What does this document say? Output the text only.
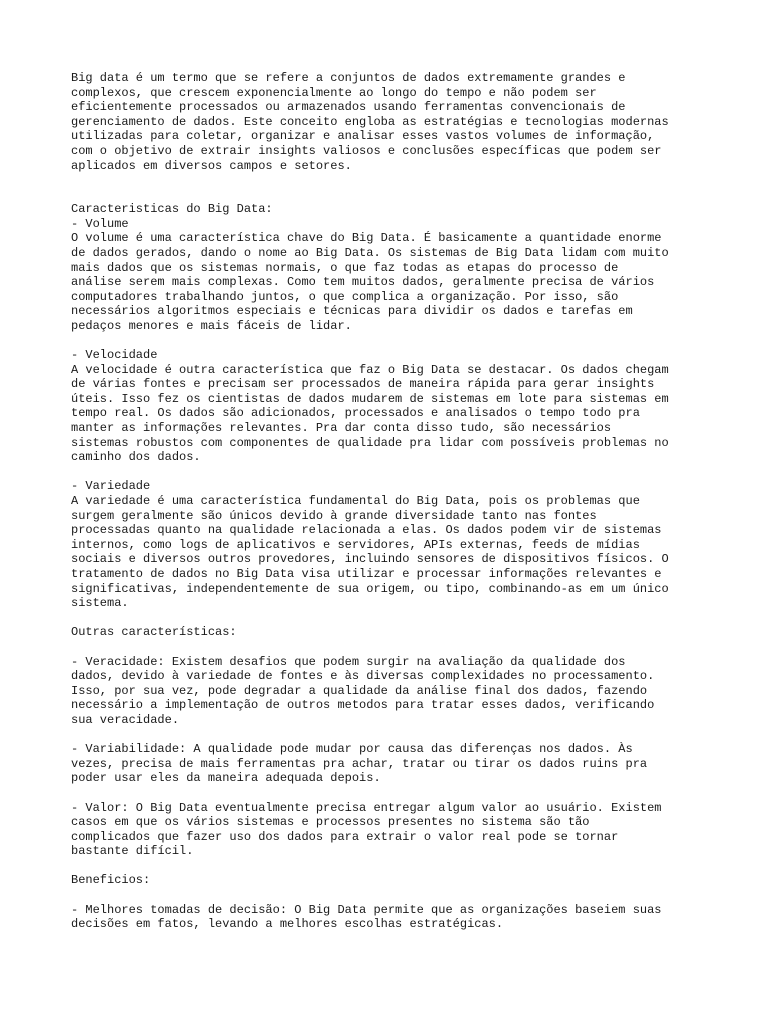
Big data é um termo que se refere a conjuntos de dados extremamente grandes e
complexos, que crescem exponencialmente ao longo do tempo e não podem ser
eficientemente processados ou armazenados usando ferramentas convencionais de
gerenciamento de dados. Este conceito engloba as estratégias e tecnologias modernas
utilizadas para coletar, organizar e analisar esses vastos volumes de informação,
com o objetivo de extrair insights valiosos e conclusões específicas que podem ser
aplicados em diversos campos e setores.

Caracteristicas do Big Data:

- Volume

O volume é uma característica chave do Big Data. É basicamente a quantidade enorme
de dados gerados, dando o nome ao Big Data. Os sistemas de Big Data lidam com muito
mais dados que os sistemas normais, o que faz todas as etapas do processo de
análise serem mais complexas. Como tem muitos dados, geralmente precisa de vários
computadores trabalhando juntos, o que complica a organização. Por isso, são
necessários algoritmos especiais e técnicas para dividir os dados e tarefas em
pedaços menores e mais fáceis de lidar.

- Velocidade

A velocidade é outra característica que faz o Big Data se destacar. Os dados chegam
de várias fontes e precisam ser processados de maneira rápida para gerar insights
úteis. Isso fez os cientistas de dados mudarem de sistemas em lote para sistemas em
tempo real. Os dados são adicionados, processados e analisados o tempo todo pra
manter as informações relevantes. Pra dar conta disso tudo, são necessários
sistemas robustos com componentes de qualidade pra lidar com possíveis problemas no
caminho dos dados.

- Variedade

A variedade é uma característica fundamental do Big Data, pois os problemas que
surgem geralmente são únicos devido à grande diversidade tanto nas fontes
processadas quanto na qualidade relacionada a elas. Os dados podem vir de sistemas
internos, como logs de aplicativos e servidores, APIs externas, feeds de mídias
sociais e diversos outros provedores, incluindo sensores de dispositivos físicos. O
tratamento de dados no Big Data visa utilizar e processar informações relevantes e
significativas, independentemente de sua origem, ou tipo, combinando-as em um único
sistema.

Outras características:

- Veracidade: Existem desafios que podem surgir na avaliação da qualidade dos
dados, devido à variedade de fontes e às diversas complexidades no processamento.
Isso, por sua vez, pode degradar a qualidade da análise final dos dados, fazendo
necessário a implementação de outros metodos para tratar esses dados, verificando
sua veracidade.

- Variabilidade: A qualidade pode mudar por causa das diferenças nos dados. Às
vezes, precisa de mais ferramentas pra achar, tratar ou tirar os dados ruins pra
poder usar eles da maneira adequada depois.

- Valor: O Big Data eventualmente precisa entregar algum valor ao usuário. Existem
casos em que os vários sistemas e processos presentes no sistema são tão
complicados que fazer uso dos dados para extrair o valor real pode se tornar
bastante difícil.

Beneficios:

- Melhores tomadas de decisão: O Big Data permite que as organizações baseiem suas
decisões em fatos, levando a melhores escolhas estratégicas.
